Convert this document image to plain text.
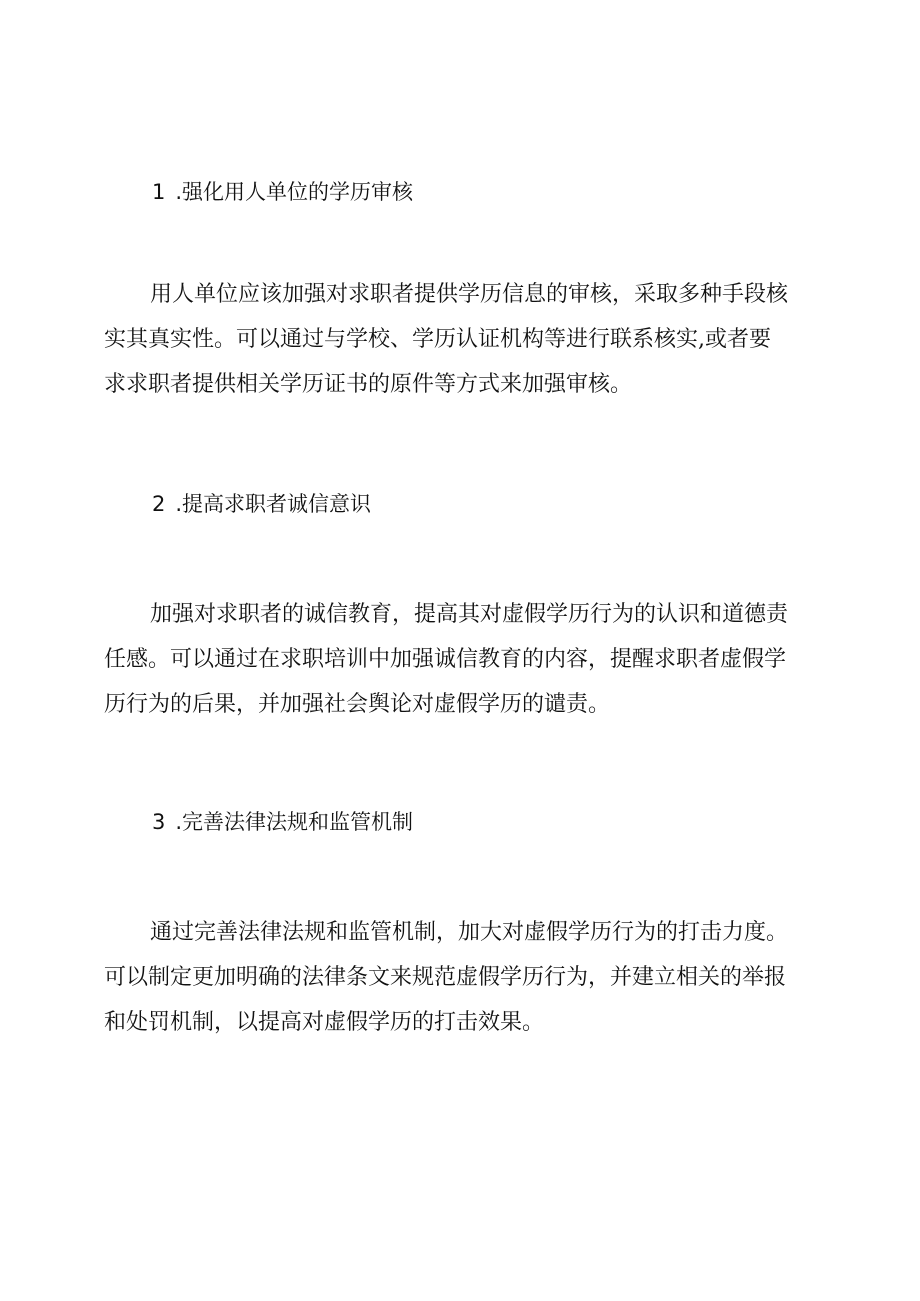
1 .强化用人单位的学历审核
用人单位应该加强对求职者提供学历信息的审核，采取多种手段核
实其真实性。可以通过与学校、学历认证机构等进行联系核实,或者要
求求职者提供相关学历证书的原件等方式来加强审核。
2 .提高求职者诚信意识
加强对求职者的诚信教育，提高其对虚假学历行为的认识和道德责
任感。可以通过在求职培训中加强诚信教育的内容，提醒求职者虚假学
历行为的后果，并加强社会舆论对虚假学历的谴责。
3 .完善法律法规和监管机制
通过完善法律法规和监管机制，加大对虚假学历行为的打击力度。
可以制定更加明确的法律条文来规范虚假学历行为，并建立相关的举报
和处罚机制，以提高对虚假学历的打击效果。
